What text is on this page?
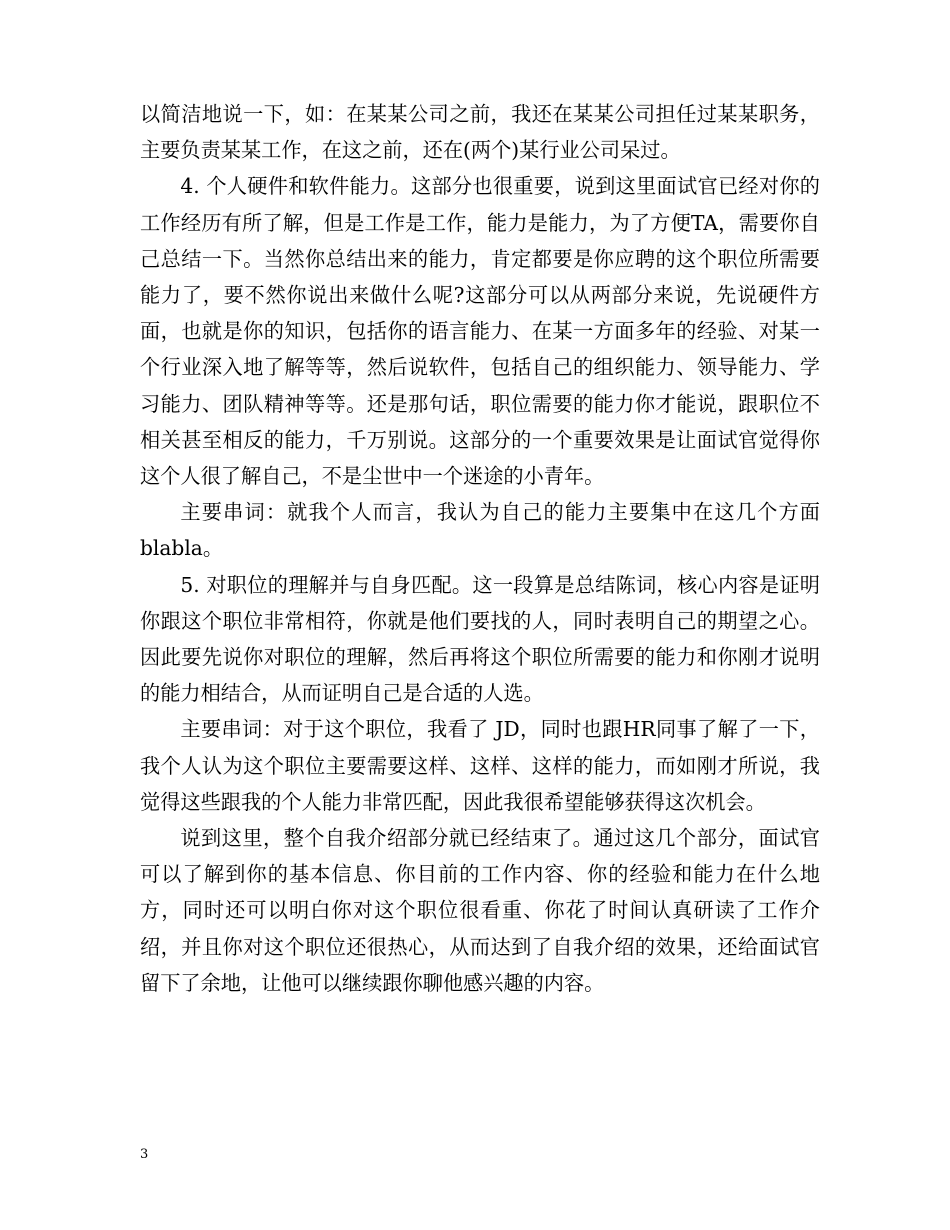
以简洁地说一下，如：在某某公司之前，我还在某某公司担任过某某职务，主要负责某某工作，在这之前，还在(两个)某行业公司呆过。

4. 个人硬件和软件能力。这部分也很重要，说到这里面试官已经对你的工作经历有所了解，但是工作是工作，能力是能力，为了方便TA，需要你自己总结一下。当然你总结出来的能力，肯定都要是你应聘的这个职位所需要能力了，要不然你说出来做什么呢?这部分可以从两部分来说，先说硬件方面，也就是你的知识，包括你的语言能力、在某一方面多年的经验、对某一个行业深入地了解等等，然后说软件，包括自己的组织能力、领导能力、学习能力、团队精神等等。还是那句话，职位需要的能力你才能说，跟职位不相关甚至相反的能力，千万别说。这部分的一个重要效果是让面试官觉得你这个人很了解自己，不是尘世中一个迷途的小青年。

主要串词：就我个人而言，我认为自己的能力主要集中在这几个方面blabla。

5. 对职位的理解并与自身匹配。这一段算是总结陈词，核心内容是证明你跟这个职位非常相符，你就是他们要找的人，同时表明自己的期望之心。因此要先说你对职位的理解，然后再将这个职位所需要的能力和你刚才说明的能力相结合，从而证明自己是合适的人选。

主要串词：对于这个职位，我看了 JD，同时也跟HR同事了解了一下，我个人认为这个职位主要需要这样、这样、这样的能力，而如刚才所说，我觉得这些跟我的个人能力非常匹配，因此我很希望能够获得这次机会。

说到这里，整个自我介绍部分就已经结束了。通过这几个部分，面试官可以了解到你的基本信息、你目前的工作内容、你的经验和能力在什么地方，同时还可以明白你对这个职位很看重、你花了时间认真研读了工作介绍，并且你对这个职位还很热心，从而达到了自我介绍的效果，还给面试官留下了余地，让他可以继续跟你聊他感兴趣的内容。

3
